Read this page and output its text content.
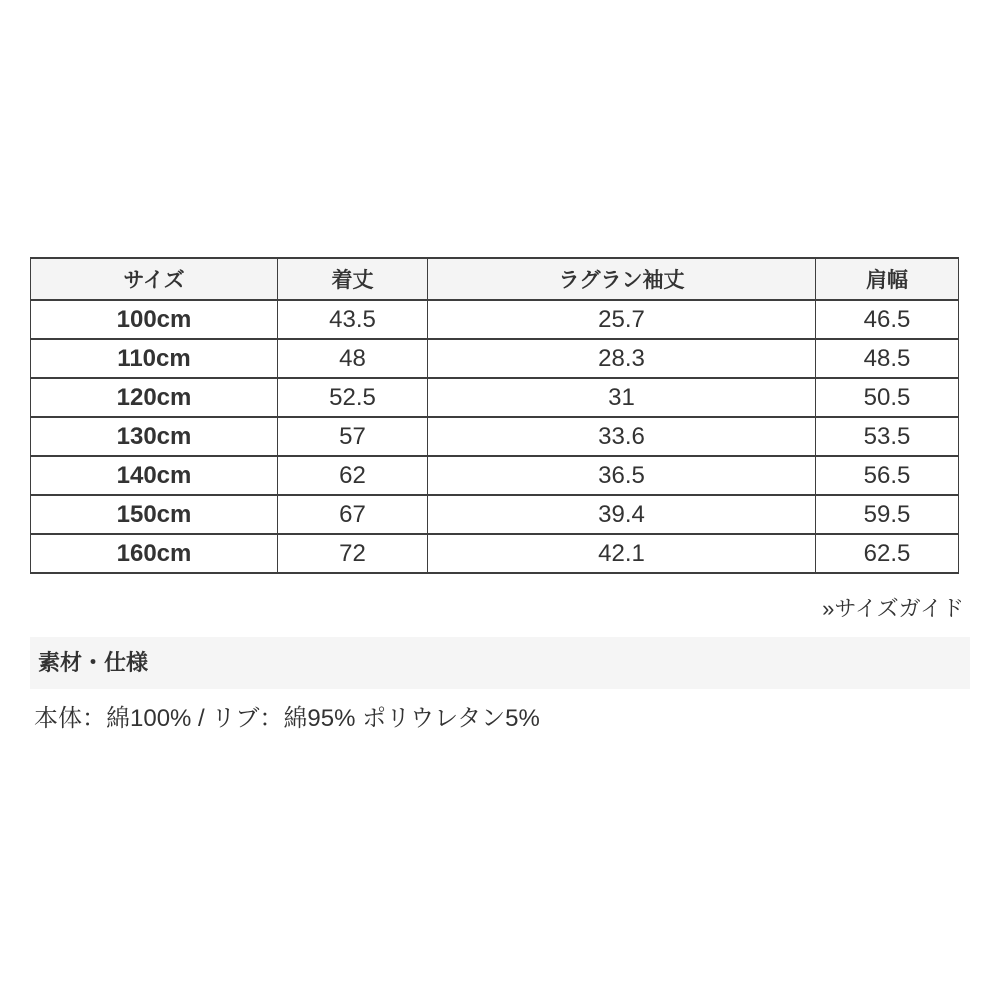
サイズ	着丈	ラグラン袖丈	肩幅
100cm	43.5	25.7	46.5
110cm	48	28.3	48.5
120cm	52.5	31	50.5
130cm	57	33.6	53.5
140cm	62	36.5	56.5
150cm	67	39.4	59.5
160cm	72	42.1	62.5
»サイズガイド
素材・仕様

本体：綿100% / リブ：綿95% ポリウレタン5%
